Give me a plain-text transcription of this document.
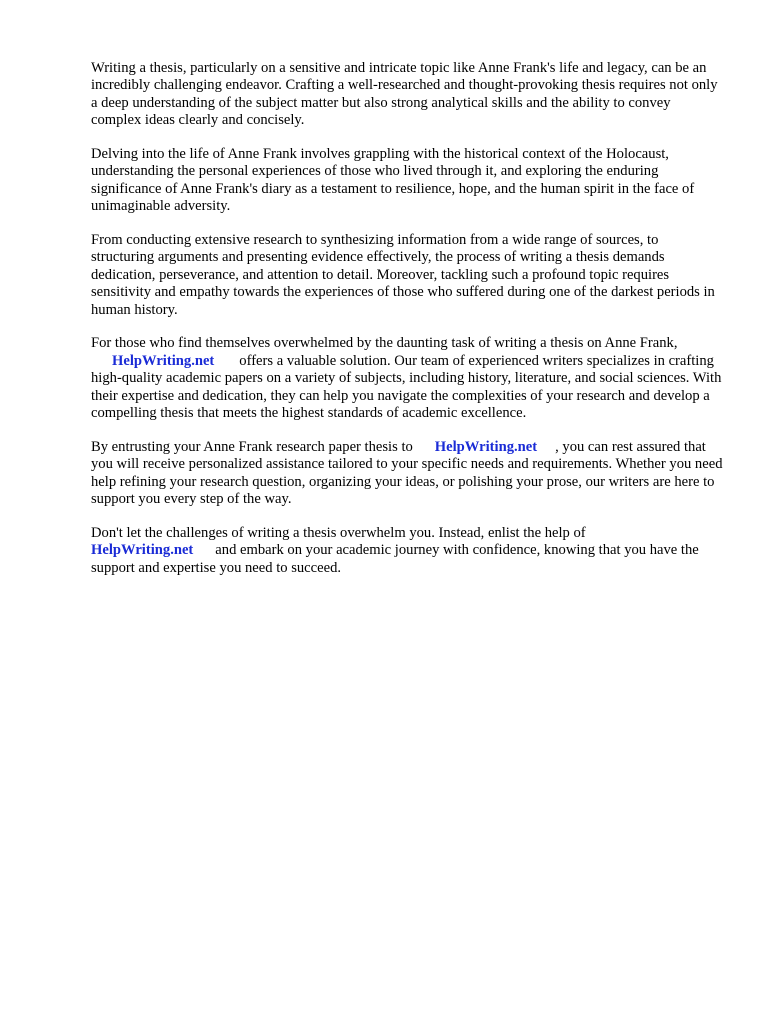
Writing a thesis, particularly on a sensitive and intricate topic like Anne Frank's life and legacy, can be an incredibly challenging endeavor. Crafting a well-researched and thought-provoking thesis requires not only a deep understanding of the subject matter but also strong analytical skills and the ability to convey complex ideas clearly and concisely.

Delving into the life of Anne Frank involves grappling with the historical context of the Holocaust, understanding the personal experiences of those who lived through it, and exploring the enduring significance of Anne Frank's diary as a testament to resilience, hope, and the human spirit in the face of unimaginable adversity.

From conducting extensive research to synthesizing information from a wide range of sources, to structuring arguments and presenting evidence effectively, the process of writing a thesis demands dedication, perseverance, and attention to detail. Moreover, tackling such a profound topic requires sensitivity and empathy towards the experiences of those who suffered during one of the darkest periods in human history.

For those who find themselves overwhelmed by the daunting task of writing a thesis on Anne Frank,
HelpWriting.net offers a valuable solution. Our team of experienced writers specializes in crafting high-quality academic papers on a variety of subjects, including history, literature, and social sciences. With their expertise and dedication, they can help you navigate the complexities of your research and develop a compelling thesis that meets the highest standards of academic excellence.

By entrusting your Anne Frank research paper thesis to HelpWriting.net , you can rest assured that you will receive personalized assistance tailored to your specific needs and requirements. Whether you need help refining your research question, organizing your ideas, or polishing your prose, our writers are here to support you every step of the way.

Don't let the challenges of writing a thesis overwhelm you. Instead, enlist the help of
HelpWriting.net and embark on your academic journey with confidence, knowing that you have the support and expertise you need to succeed.
